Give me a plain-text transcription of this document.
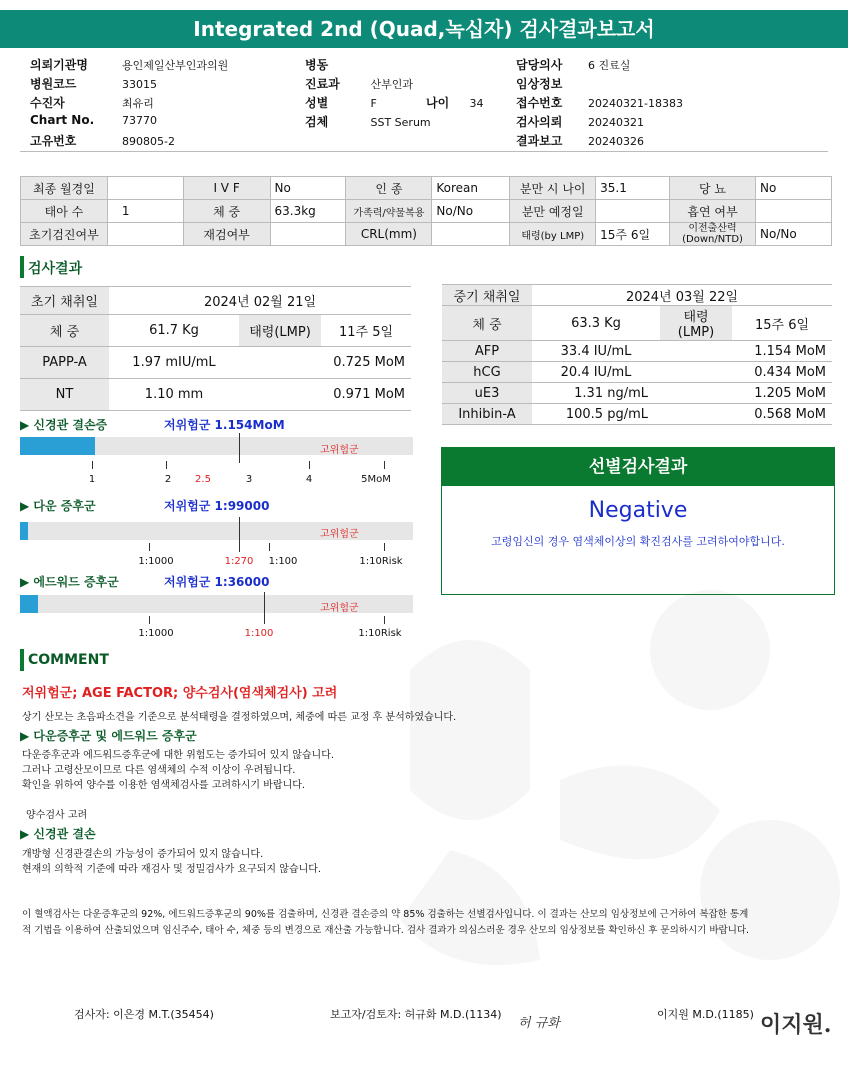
Integrated 2nd (Quad,녹십자) 검사결과보고서
의뢰기관명	용인제일산부인과의원
병원코드	33015
수진자	최유리
Chart No.	73770
고유번호	890805-2
병동
진료과	산부인과
성별	F	나이 34
검체	SST Serum
담당의사 6 진료실
임상정보
접수번호 20240321-18383
검사의뢰 20240321
결과보고 20240326
최종 월경일		I V F	No	인 종	Korean	분만 시 나이	35.1	당 뇨	No
태아 수	1	체 중	63.3kg	가족력/약물복용	No/No	분만 예정일		흡연 여부	
초기검진여부		재검여부		CRL(mm)		태령(by LMP)	15주 6일	이전출산력 (Down/NTD)	No/No
검사결과
초기 채취일	2024년 02월 21일		
체 중	61.7 Kg	태령(LMP)	11주 5일
PAPP-A	1.97 mIU/mL	0.725 MoM	
NT	1.10 mm	0.971 MoM	
중기 채취일	2024년 03월 22일		
체 중	63.3 Kg	태령(LMP)	15주 6일
AFP	33.4 IU/mL	1.154 MoM	
hCG	20.4 IU/mL	0.434 MoM	
uE3	1.31 ng/mL	1.205 MoM	
Inhibin-A	100.5 pg/mL	0.568 MoM	
▶ 신경관 결손증	저위험군 1.154MoM
고위험군
1	2 2.5	3	4	5MoM
▶ 다운 증후군	저위험군 1:99000
고위험군
1:1000	1:270 1:100	1:10Risk
▶ 에드워드 증후군	저위험군 1:36000
고위험군
1:1000	1:100	1:10Risk
선별검사결과
Negative
고령임신의 경우 염색체이상의 확진검사를 고려하여야합니다.
COMMENT
저위험군; AGE FACTOR; 양수검사(염색체검사) 고려
상기 산모는 초음파소견을 기준으로 분석태령을 결정하였으며, 체중에 따른 교정 후 분석하였습니다.
▶ 다운증후군 및 에드워드 증후군
다운증후군과 에드워드증후군에 대한 위험도는 증가되어 있지 않습니다.
그러나 고령산모이므로 다른 염색체의 수적 이상이 우려됩니다.
확인을 위하여 양수를 이용한 염색체검사를 고려하시기 바랍니다.
양수검사 고려
▶ 신경관 결손
개방형 신경관결손의 가능성이 증가되어 있지 않습니다.
현재의 의학적 기준에 따라 재검사 및 정밀검사가 요구되지 않습니다.
이 혈액검사는 다운증후군의 92%, 에드워드증후군의 90%를 검출하며, 신경관 결손증의 약 85% 검출하는 선별검사입니다. 이 결과는 산모의 임상정보에 근거하여 복잡한 통계
적 기법을 이용하여 산출되었으며 임신주수, 태아 수, 체중 등의 변경으로 재산출 가능합니다. 검사 결과가 의심스러운 경우 산모의 임상정보를 확인하신 후 문의하시기 바랍니다.
검사자: 이은경 M.T.(35454)	보고자/검토자: 허규화 M.D.(1134)
허 규화
이지원 M.D.(1185) 이지원.
